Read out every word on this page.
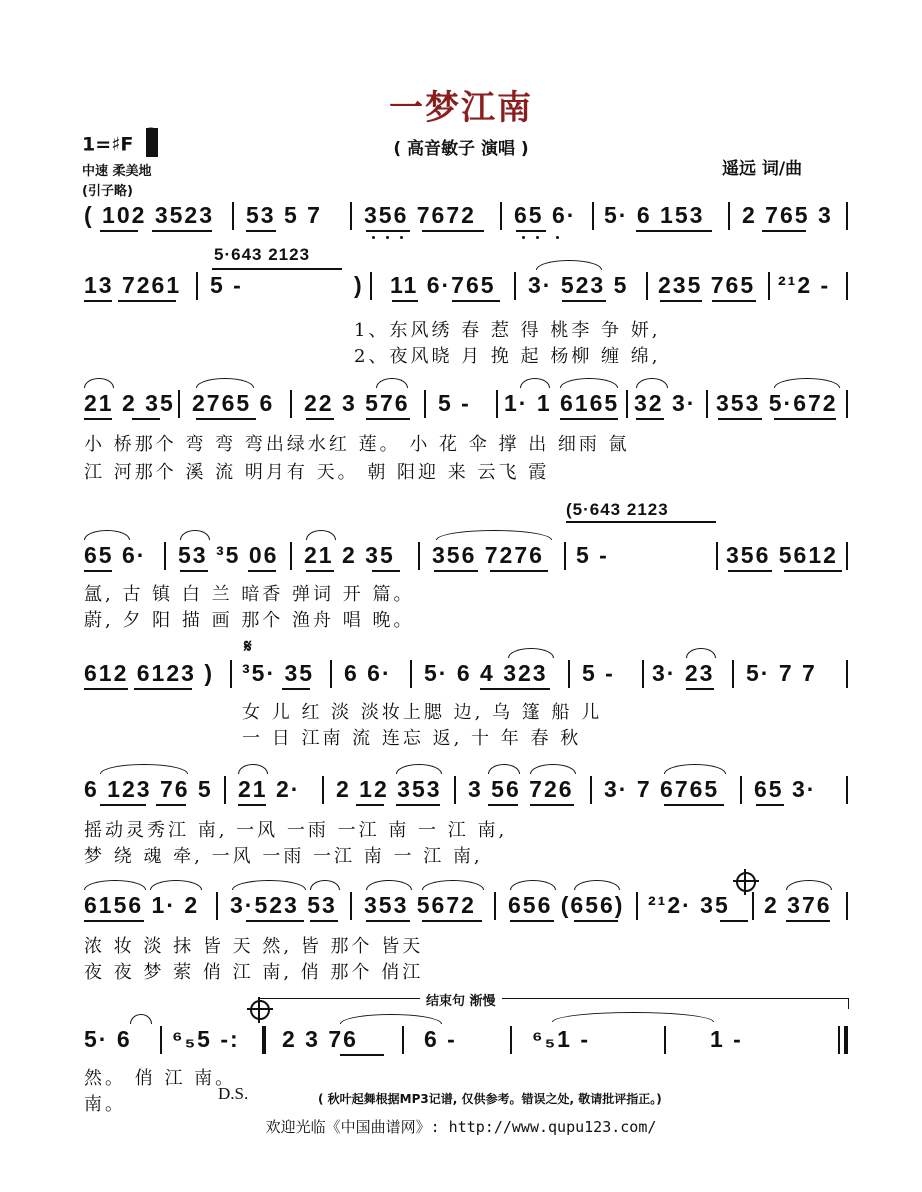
一梦江南
( 高音敏子 演唱 )
1=♯F
中速 柔美地
(引子略)
遥远 词/曲
( 102 3523 53 5 7 356 7672 65 6· 5· 6 153 2 765 3
5·643 2123
13 7261 5 -	) 11 6·765 3· 523 5 235 765 ²¹2 -
1、东风绣 春 惹 得 桃李 争 妍,
2、夜风晓 月 挽 起 杨柳 缠 绵,
21 2 35 2765 6 22 3 576 5 - 1· 1 6165 32 3· 353 5·672
小 桥那个 弯 弯 弯出绿水红 莲。 小 花 伞 撑 出 细雨 氤
江 河那个 溪 流 明月有 天。 朝 阳迎 来 云飞 霞
(5·643 2123
65 6· 53 ³5 06 21 2 35 356 7276 5 -	356 5612
氲, 古 镇 白 兰 暗香 弹词 开 篇。
蔚, 夕 阳 描 画 那个 渔舟 唱 晚。
𝄋
612 6123 ) ³5· 35 6 6· 5· 6 4 323 5 - 3· 23 5· 7 7
女 儿 红 淡 淡妆上腮 边, 乌 篷 船 儿
一 日 江南 流 连忘 返, 十 年 春 秋
6 123 76 5 21 2· 2 12 353 3 56 726 3· 7 6765 65 3·
摇动灵秀江 南, 一风 一雨 一江 南 一 江 南,
梦 绕 魂 牵, 一风 一雨 一江 南 一 江 南,
6156 1· 2 3·523 53 353 5672 656 (656) ²¹2· 35 2 376
浓 妆 淡 抹 皆 天 然, 皆 那个 皆天
夜 夜 梦 萦 俏 江 南, 俏 那个 俏江
结束句 渐慢
5· 6 ⁶₅5 -: 2 3 76	6 -	⁶₅1 -	1 -
然。 俏 江 南。
南。
D.S.	( 秋叶起舞根据MP3记谱, 仅供参考。错误之处, 敬请批评指正。)
欢迎光临《中国曲谱网》: http://www.qupu123.com/
